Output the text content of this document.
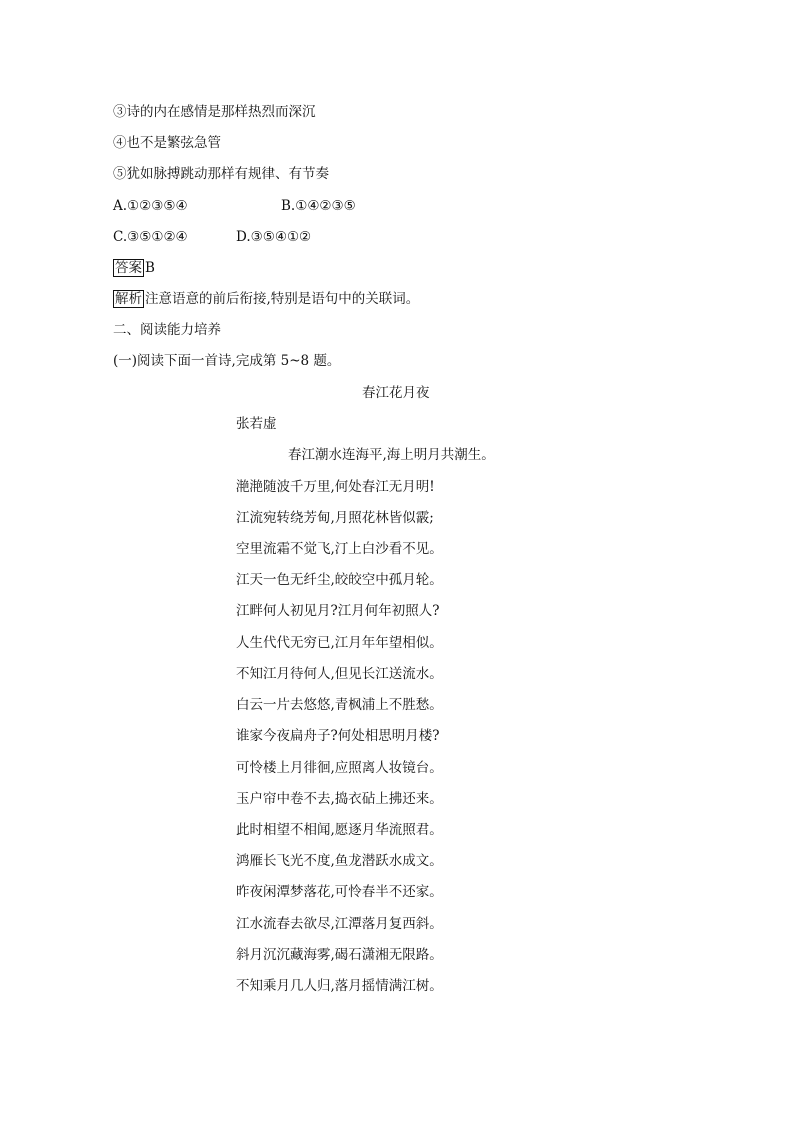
③诗的内在感情是那样热烈而深沉
④也不是繁弦急管
⑤犹如脉搏跳动那样有规律、有节奏
A.①②③⑤④	B.①④②③⑤
C.③⑤①②④	D.③⑤④①②
答案 B
解析 注意语意的前后衔接,特别是语句中的关联词。
二、阅读能力培养
(一)阅读下面一首诗,完成第 5~8 题。
春江花月夜
张若虚
春江潮水连海平,海上明月共潮生。
滟滟随波千万里,何处春江无月明!
江流宛转绕芳甸,月照花林皆似霰;
空里流霜不觉飞,汀上白沙看不见。
江天一色无纤尘,皎皎空中孤月轮。
江畔何人初见月?江月何年初照人?
人生代代无穷已,江月年年望相似。
不知江月待何人,但见长江送流水。
白云一片去悠悠,青枫浦上不胜愁。
谁家今夜扁舟子?何处相思明月楼?
可怜楼上月徘徊,应照离人妆镜台。
玉户帘中卷不去,捣衣砧上拂还来。
此时相望不相闻,愿逐月华流照君。
鸿雁长飞光不度,鱼龙潜跃水成文。
昨夜闲潭梦落花,可怜春半不还家。
江水流春去欲尽,江潭落月复西斜。
斜月沉沉藏海雾,碣石潇湘无限路。
不知乘月几人归,落月摇情满江树。
